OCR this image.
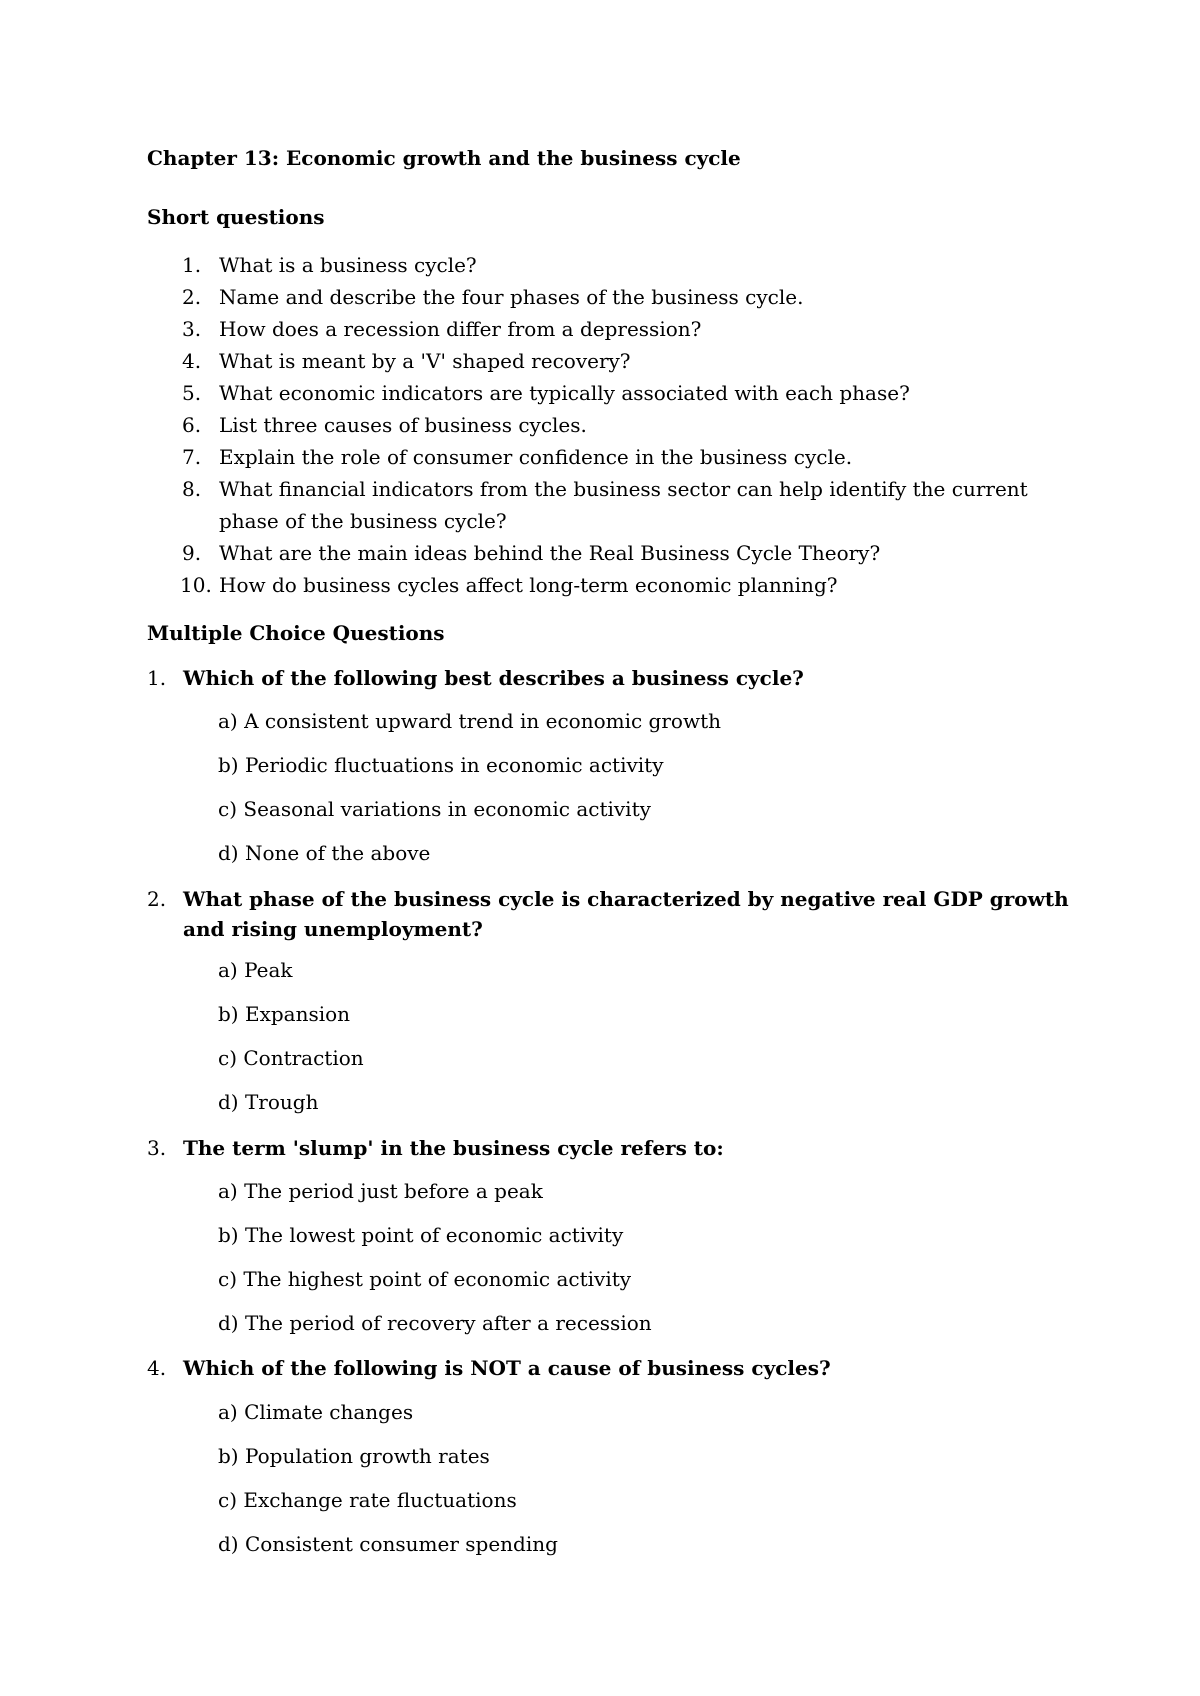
Chapter 13: Economic growth and the business cycle
Short questions
1. What is a business cycle?
2. Name and describe the four phases of the business cycle.
3. How does a recession differ from a depression?
4. What is meant by a 'V' shaped recovery?
5. What economic indicators are typically associated with each phase?
6. List three causes of business cycles.
7. Explain the role of consumer confidence in the business cycle.
8. What financial indicators from the business sector can help identify the current phase of the business cycle?
9. What are the main ideas behind the Real Business Cycle Theory?
10. How do business cycles affect long-term economic planning?
Multiple Choice Questions
1. Which of the following best describes a business cycle?
a) A consistent upward trend in economic growth
b) Periodic fluctuations in economic activity
c) Seasonal variations in economic activity
d) None of the above
2. What phase of the business cycle is characterized by negative real GDP growth and rising unemployment?
a) Peak
b) Expansion
c) Contraction
d) Trough
3. The term 'slump' in the business cycle refers to:
a) The period just before a peak
b) The lowest point of economic activity
c) The highest point of economic activity
d) The period of recovery after a recession
4. Which of the following is NOT a cause of business cycles?
a) Climate changes
b) Population growth rates
c) Exchange rate fluctuations
d) Consistent consumer spending
